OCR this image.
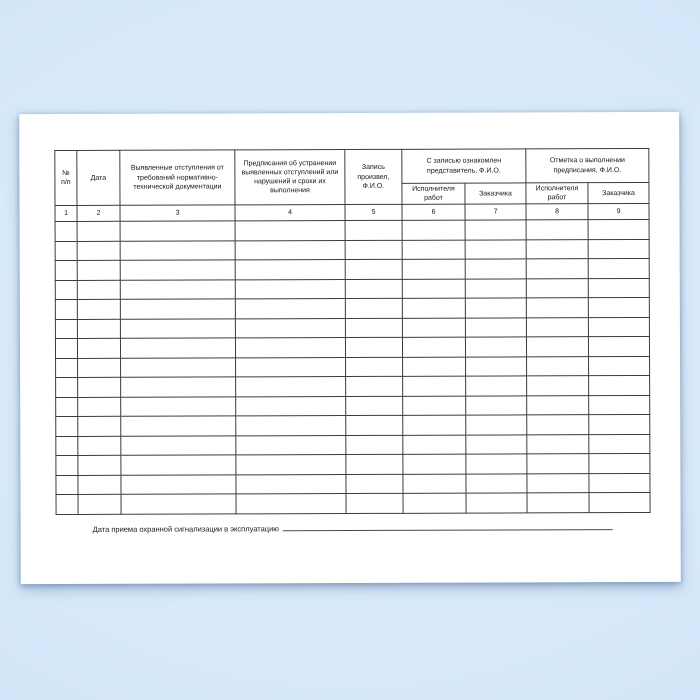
№ п/п	Дата	Выявленные отступления от требований нормативно-технической документации	Предписания об устранении выявленных отступлений или нарушений и сроки их выполнения	Запись произвел, Ф.И.О.	С записью ознакомлен представитель, Ф.И.О.		Отметка о выполнении предписания, Ф.И.О.	
					Исполнителя работ	Заказчика	Исполнителя работ	Заказчика
1	2	3	4	5	6	7	8	9

Дата приема охранной сигнализации в эксплуатацию
